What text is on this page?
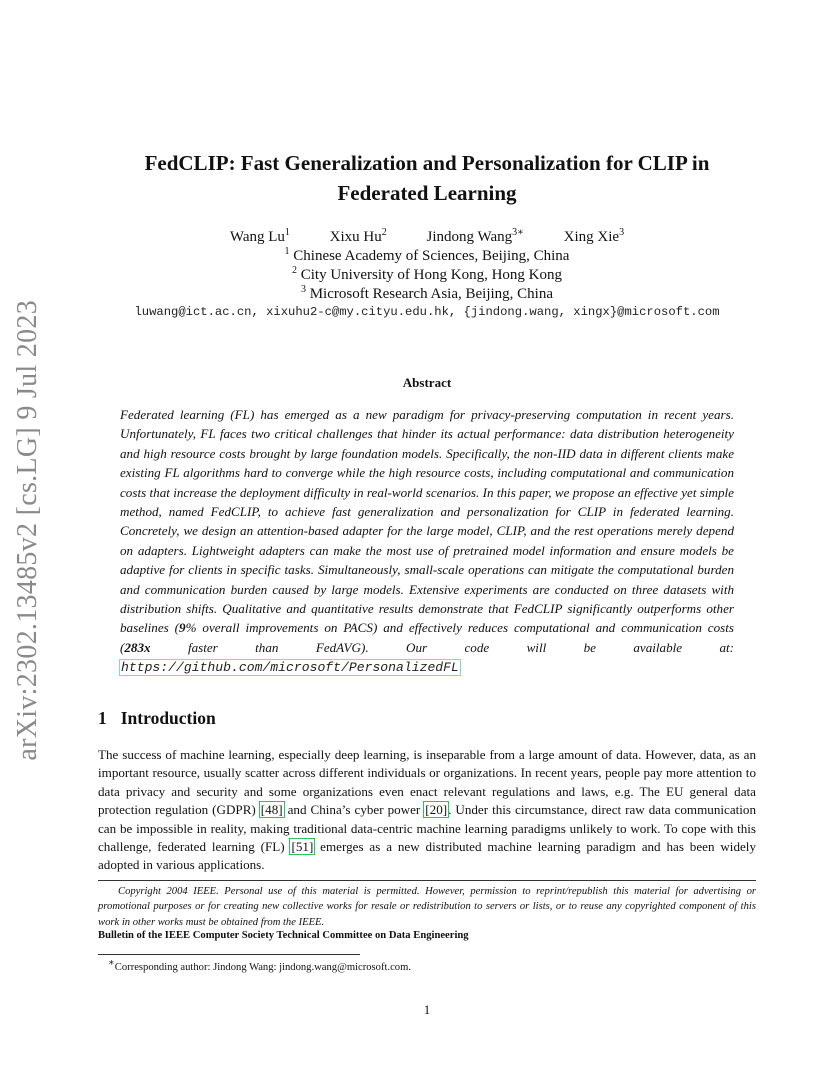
arXiv:2302.13485v2 [cs.LG] 9 Jul 2023
FedCLIP: Fast Generalization and Personalization for CLIP in
Federated Learning
Wang Lu$^1$	Xixu Hu$^2$	Jindong Wang$^{3∗}$	Xing Xie$^3$
$^1$ Chinese Academy of Sciences, Beijing, China
$^2$ City University of Hong Kong, Hong Kong
$^3$ Microsoft Research Asia, Beijing, China
luwang@ict.ac.cn, xixuhu2-c@my.cityu.edu.hk, {jindong.wang, xingx}@microsoft.com
Abstract
Federated learning (FL) has emerged as a new paradigm for privacy-preserving computation in recent years. Unfortunately, FL faces two critical challenges that hinder its actual performance: data distribution heterogeneity and high resource costs brought by large foundation models. Specifically, the non-IID data in different clients make existing FL algorithms hard to converge while the high resource costs, including computational and communication costs that increase the deployment difficulty in real-world scenarios. In this paper, we propose an effective yet simple method, named FedCLIP, to achieve fast generalization and personalization for CLIP in federated learning. Concretely, we design an attention-based adapter for the large model, CLIP, and the rest operations merely depend on adapters. Lightweight adapters can make the most use of pretrained model information and ensure models be adaptive for clients in specific tasks. Simultaneously, small-scale operations can mitigate the computational burden and communication burden caused by large models. Extensive experiments are conducted on three datasets with distribution shifts. Qualitative and quantitative results demonstrate that FedCLIP significantly outperforms other baselines (9% overall improvements on PACS) and effectively reduces computational and communication costs (283x faster than FedAVG). Our code will be available at: https://github.com/microsoft/PersonalizedFL
1 Introduction
The success of machine learning, especially deep learning, is inseparable from a large amount of data. However, data, as an important resource, usually scatter across different individuals or organizations. In recent years, people pay more attention to data privacy and security and some organizations even enact relevant regulations and laws, e.g. The EU general data protection regulation (GDPR) [48] and China’s cyber power [20]. Under this circumstance, direct raw data communication can be impossible in reality, making traditional data-centric machine learning paradigms unlikely to work. To cope with this challenge, federated learning (FL) [51] emerges as a new distributed machine learning paradigm and has been widely adopted in various applications.

Copyright 2004 IEEE. Personal use of this material is permitted. However, permission to reprint/republish this material for advertising or promotional purposes or for creating new collective works for resale or redistribution to servers or lists, or to reuse any copyrighted component of this work in other works must be obtained from the IEEE.

Bulletin of the IEEE Computer Society Technical Committee on Data Engineering
∗Corresponding author: Jindong Wang: jindong.wang@microsoft.com.
1
